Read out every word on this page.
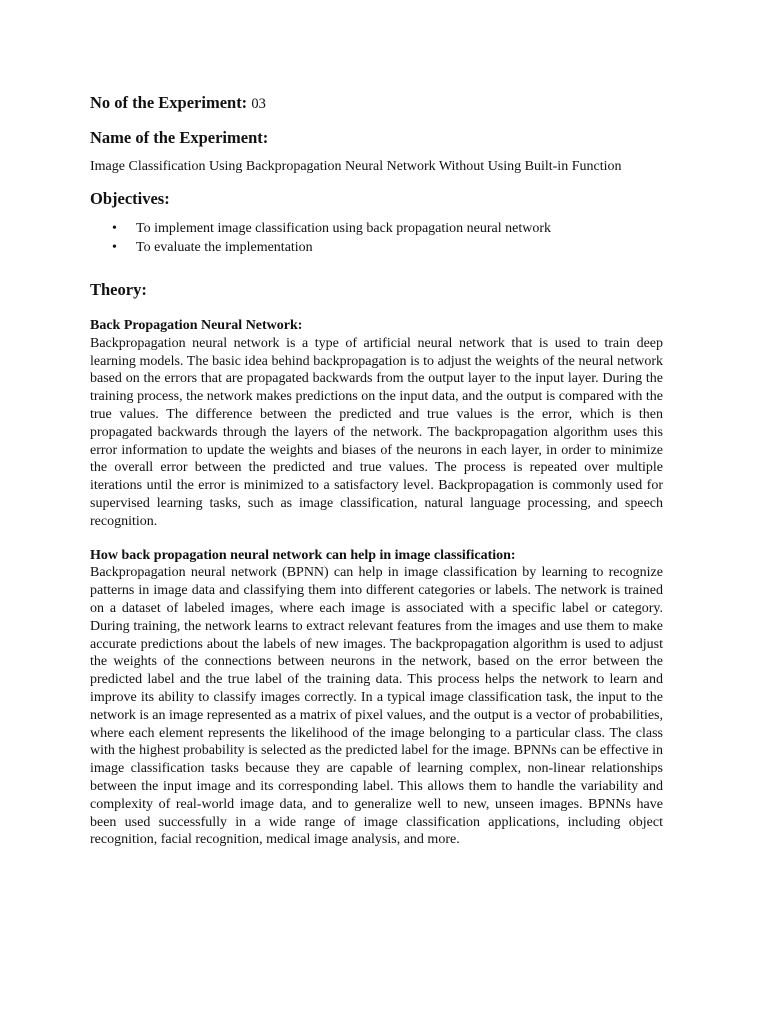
No of the Experiment: 03

Name of the Experiment:

Image Classification Using Backpropagation Neural Network Without Using Built-in Function

Objectives:

• To implement image classification using back propagation neural network
• To evaluate the implementation

Theory:

Back Propagation Neural Network:

Backpropagation neural network is a type of artificial neural network that is used to train deep learning models. The basic idea behind backpropagation is to adjust the weights of the neural network based on the errors that are propagated backwards from the output layer to the input layer. During the training process, the network makes predictions on the input data, and the output is compared with the true values. The difference between the predicted and true values is the error, which is then propagated backwards through the layers of the network. The backpropagation algorithm uses this error information to update the weights and biases of the neurons in each layer, in order to minimize the overall error between the predicted and true values. The process is repeated over multiple iterations until the error is minimized to a satisfactory level. Backpropagation is commonly used for supervised learning tasks, such as image classification, natural language processing, and speech recognition.

How back propagation neural network can help in image classification:

Backpropagation neural network (BPNN) can help in image classification by learning to recognize patterns in image data and classifying them into different categories or labels. The network is trained on a dataset of labeled images, where each image is associated with a specific label or category. During training, the network learns to extract relevant features from the images and use them to make accurate predictions about the labels of new images. The backpropagation algorithm is used to adjust the weights of the connections between neurons in the network, based on the error between the predicted label and the true label of the training data. This process helps the network to learn and improve its ability to classify images correctly. In a typical image classification task, the input to the network is an image represented as a matrix of pixel values, and the output is a vector of probabilities, where each element represents the likelihood of the image belonging to a particular class. The class with the highest probability is selected as the predicted label for the image. BPNNs can be effective in image classification tasks because they are capable of learning complex, non-linear relationships between the input image and its corresponding label. This allows them to handle the variability and complexity of real-world image data, and to generalize well to new, unseen images. BPNNs have been used successfully in a wide range of image classification applications, including object recognition, facial recognition, medical image analysis, and more.
